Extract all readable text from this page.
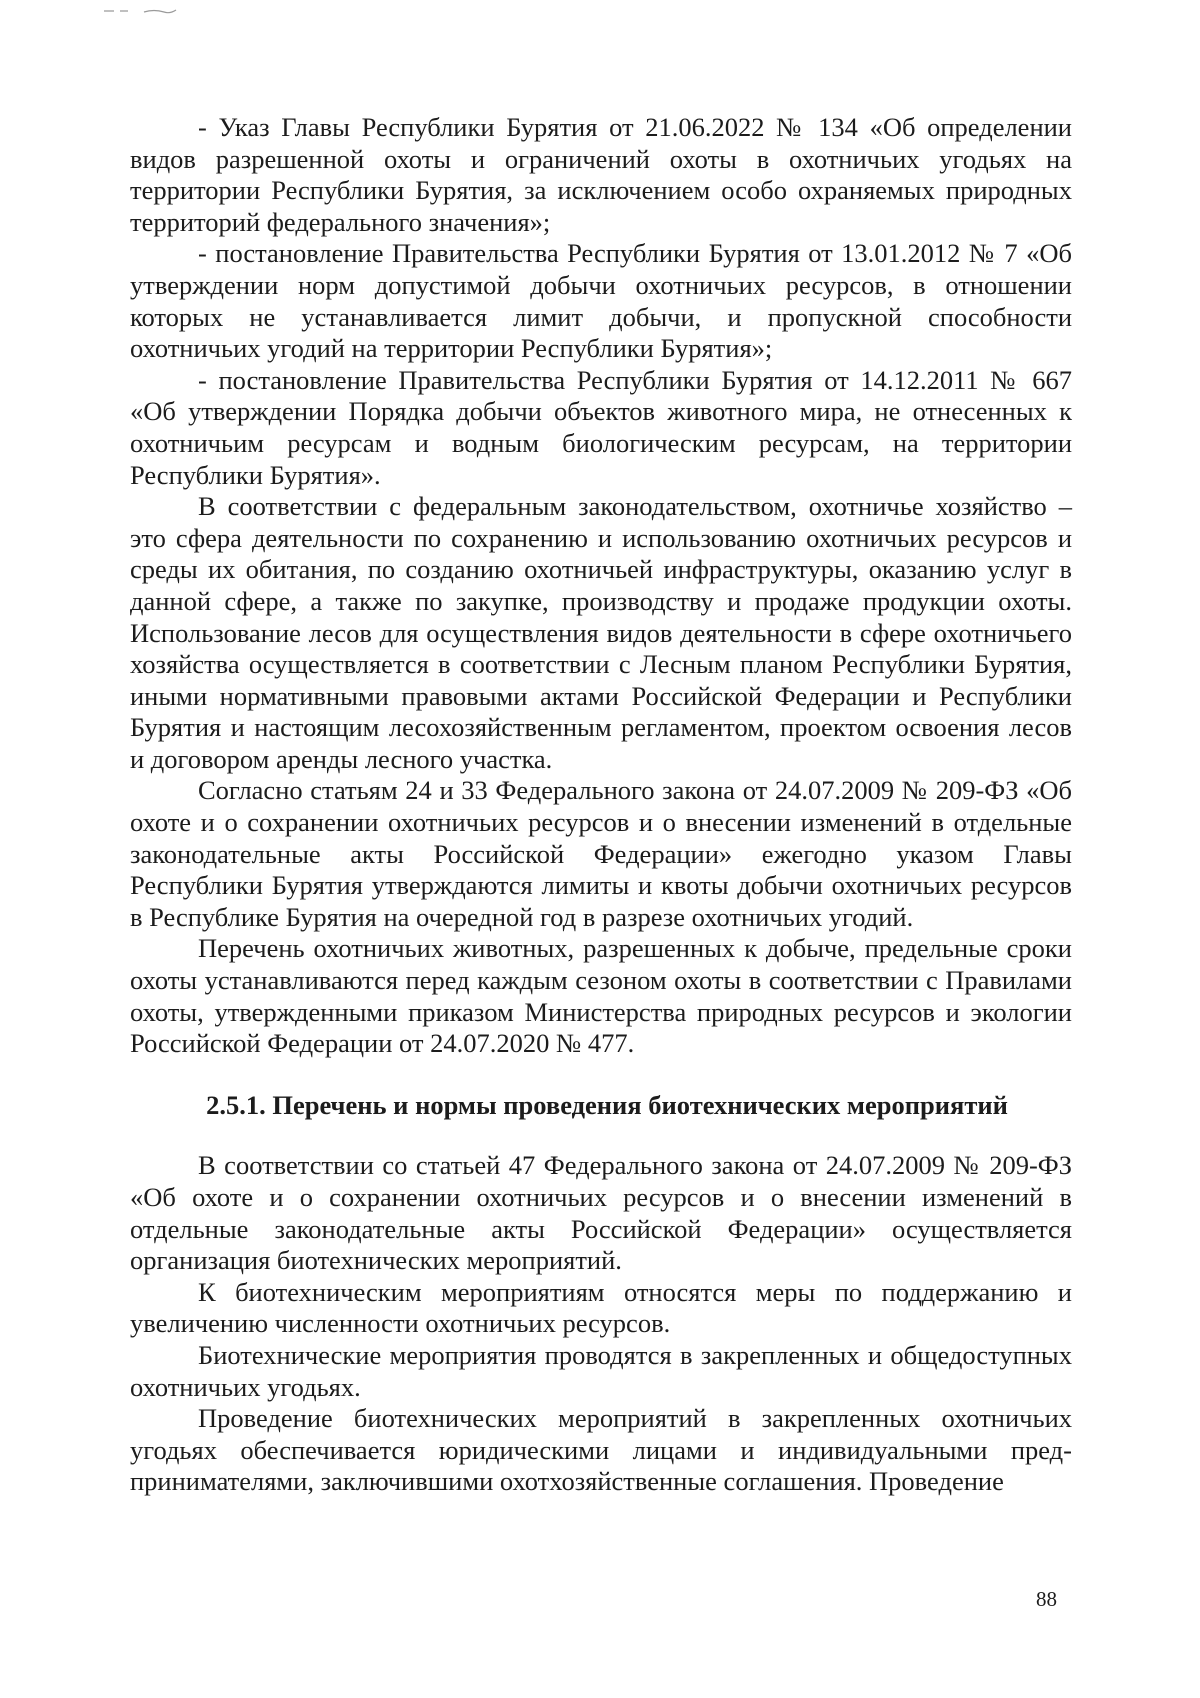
- Указ Главы Республики Бурятия от 21.06.2022 № 134 «Об определении видов разрешенной охоты и ограничений охоты в охотничьих угодьях на территории Республики Бурятия, за исключением особо охраняемых природных территорий федерального значения»;

- постановление Правительства Республики Бурятия от 13.01.2012 № 7 «Об утверждении норм допустимой добычи охотничьих ресурсов, в отношении которых не устанавливается лимит добычи, и пропускной способности охотничьих угодий на территории Республики Бурятия»;

- постановление Правительства Республики Бурятия от 14.12.2011 № 667 «Об утверждении Порядка добычи объектов животного мира, не отнесенных к охотничьим ресурсам и водным биологическим ресурсам, на территории Республики Бурятия».

В соответствии с федеральным законодательством, охотничье хозяйство – это сфера деятельности по сохранению и использованию охотничьих ресурсов и среды их обитания, по созданию охотничьей инфраструктуры, оказанию услуг в данной сфере, а также по закупке, производству и продаже продукции охоты. Использование лесов для осуществления видов деятельности в сфере охотничьего хозяйства осуществляется в соответствии с Лесным планом Республики Бурятия, иными нормативными правовыми актами Российской Федерации и Республики Бурятия и настоящим лесохозяйственным регламентом, проектом освоения лесов и договором аренды лесного участка.

Согласно статьям 24 и 33 Федерального закона от 24.07.2009 № 209-ФЗ «Об охоте и о сохранении охотничьих ресурсов и о внесении изменений в отдельные законодательные акты Российской Федерации» ежегодно указом Главы Республики Бурятия утверждаются лимиты и квоты добычи охотничьих ресурсов в Республике Бурятия на очередной год в разрезе охотничьих угодий.

Перечень охотничьих животных, разрешенных к добыче, предельные сроки охоты устанавливаются перед каждым сезоном охоты в соответствии с Правилами охоты, утвержденными приказом Министерства природных ресурсов и экологии Российской Федерации от 24.07.2020 № 477.

2.5.1. Перечень и нормы проведения биотехнических мероприятий

В соответствии со статьей 47 Федерального закона от 24.07.2009 № 209-ФЗ «Об охоте и о сохранении охотничьих ресурсов и о внесении изменений в отдельные законодательные акты Российской Федерации» осуществляется организация биотехнических мероприятий.

К биотехническим мероприятиям относятся меры по поддержанию и увеличению численности охотничьих ресурсов.

Биотехнические мероприятия проводятся в закрепленных и общедоступных охотничьих угодьях.

Проведение биотехнических мероприятий в закрепленных охотничьих угодьях обеспечивается юридическими лицами и индивидуальными предпринимателями, заключившими охотхозяйственные соглашения. Проведение

88
